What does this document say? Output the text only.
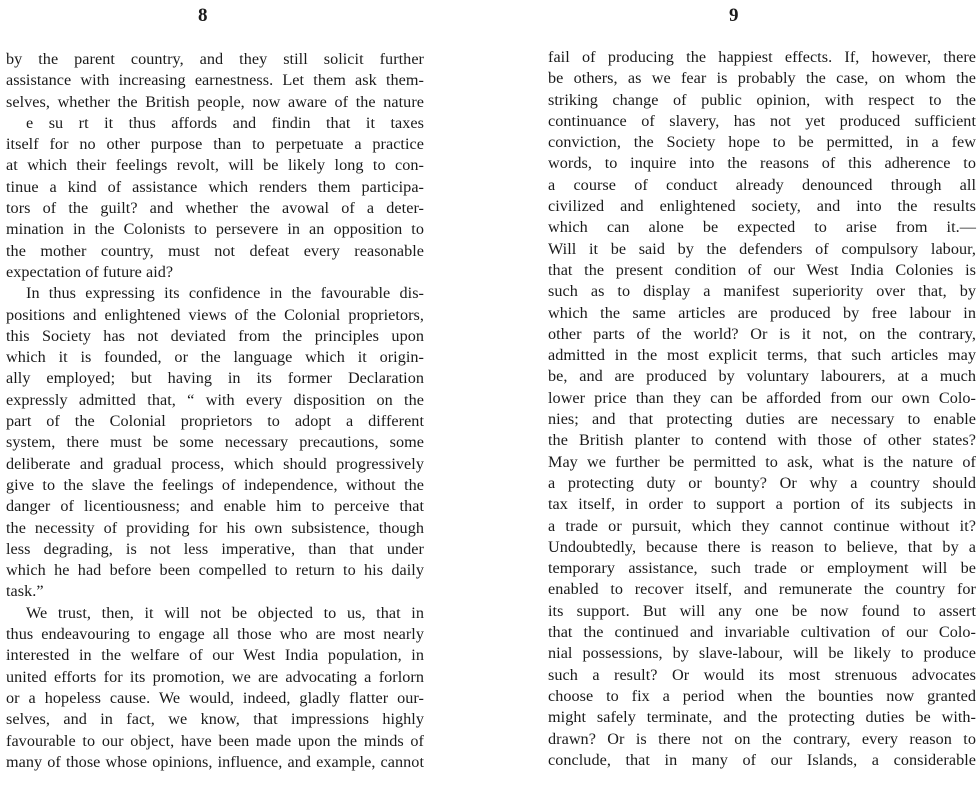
8
by the parent country, and they still solicit further
assistance with increasing earnestness. Let them ask them-
selves, whether the British people, now aware of the nature
e su rt it thus affords and findin that it taxes
itself for no other purpose than to perpetuate a practice
at which their feelings revolt, will be likely long to con-
tinue a kind of assistance which renders them participa-
tors of the guilt? and whether the avowal of a deter-
mination in the Colonists to persevere in an opposition to
the mother country, must not defeat every reasonable
expectation of future aid?
In thus expressing its confidence in the favourable dis-
positions and enlightened views of the Colonial proprietors,
this Society has not deviated from the principles upon
which it is founded, or the language which it origin-
ally employed; but having in its former Declaration
expressly admitted that, “ with every disposition on the
part of the Colonial proprietors to adopt a different
system, there must be some necessary precautions, some
deliberate and gradual process, which should progressively
give to the slave the feelings of independence, without the
danger of licentiousness; and enable him to perceive that
the necessity of providing for his own subsistence, though
less degrading, is not less imperative, than that under
which he had before been compelled to return to his daily
task.”
We trust, then, it will not be objected to us, that in
thus endeavouring to engage all those who are most nearly
interested in the welfare of our West India population, in
united efforts for its promotion, we are advocating a forlorn
or a hopeless cause. We would, indeed, gladly flatter our-
selves, and in fact, we know, that impressions highly
favourable to our object, have been made upon the minds of
many of those whose opinions, influence, and example, cannot
9
fail of producing the happiest effects. If, however, there
be others, as we fear is probably the case, on whom the
striking change of public opinion, with respect to the
continuance of slavery, has not yet produced sufficient
conviction, the Society hope to be permitted, in a few
words, to inquire into the reasons of this adherence to
a course of conduct already denounced through all
civilized and enlightened society, and into the results
which can alone be expected to arise from it.—
Will it be said by the defenders of compulsory labour,
that the present condition of our West India Colonies is
such as to display a manifest superiority over that, by
which the same articles are produced by free labour in
other parts of the world? Or is it not, on the contrary,
admitted in the most explicit terms, that such articles may
be, and are produced by voluntary labourers, at a much
lower price than they can be afforded from our own Colo-
nies; and that protecting duties are necessary to enable
the British planter to contend with those of other states?
May we further be permitted to ask, what is the nature of
a protecting duty or bounty? Or why a country should
tax itself, in order to support a portion of its subjects in
a trade or pursuit, which they cannot continue without it?
Undoubtedly, because there is reason to believe, that by a
temporary assistance, such trade or employment will be
enabled to recover itself, and remunerate the country for
its support. But will any one be now found to assert
that the continued and invariable cultivation of our Colo-
nial possessions, by slave-labour, will be likely to produce
such a result? Or would its most strenuous advocates
choose to fix a period when the bounties now granted
might safely terminate, and the protecting duties be with-
drawn? Or is there not on the contrary, every reason to
conclude, that in many of our Islands, a considerable
